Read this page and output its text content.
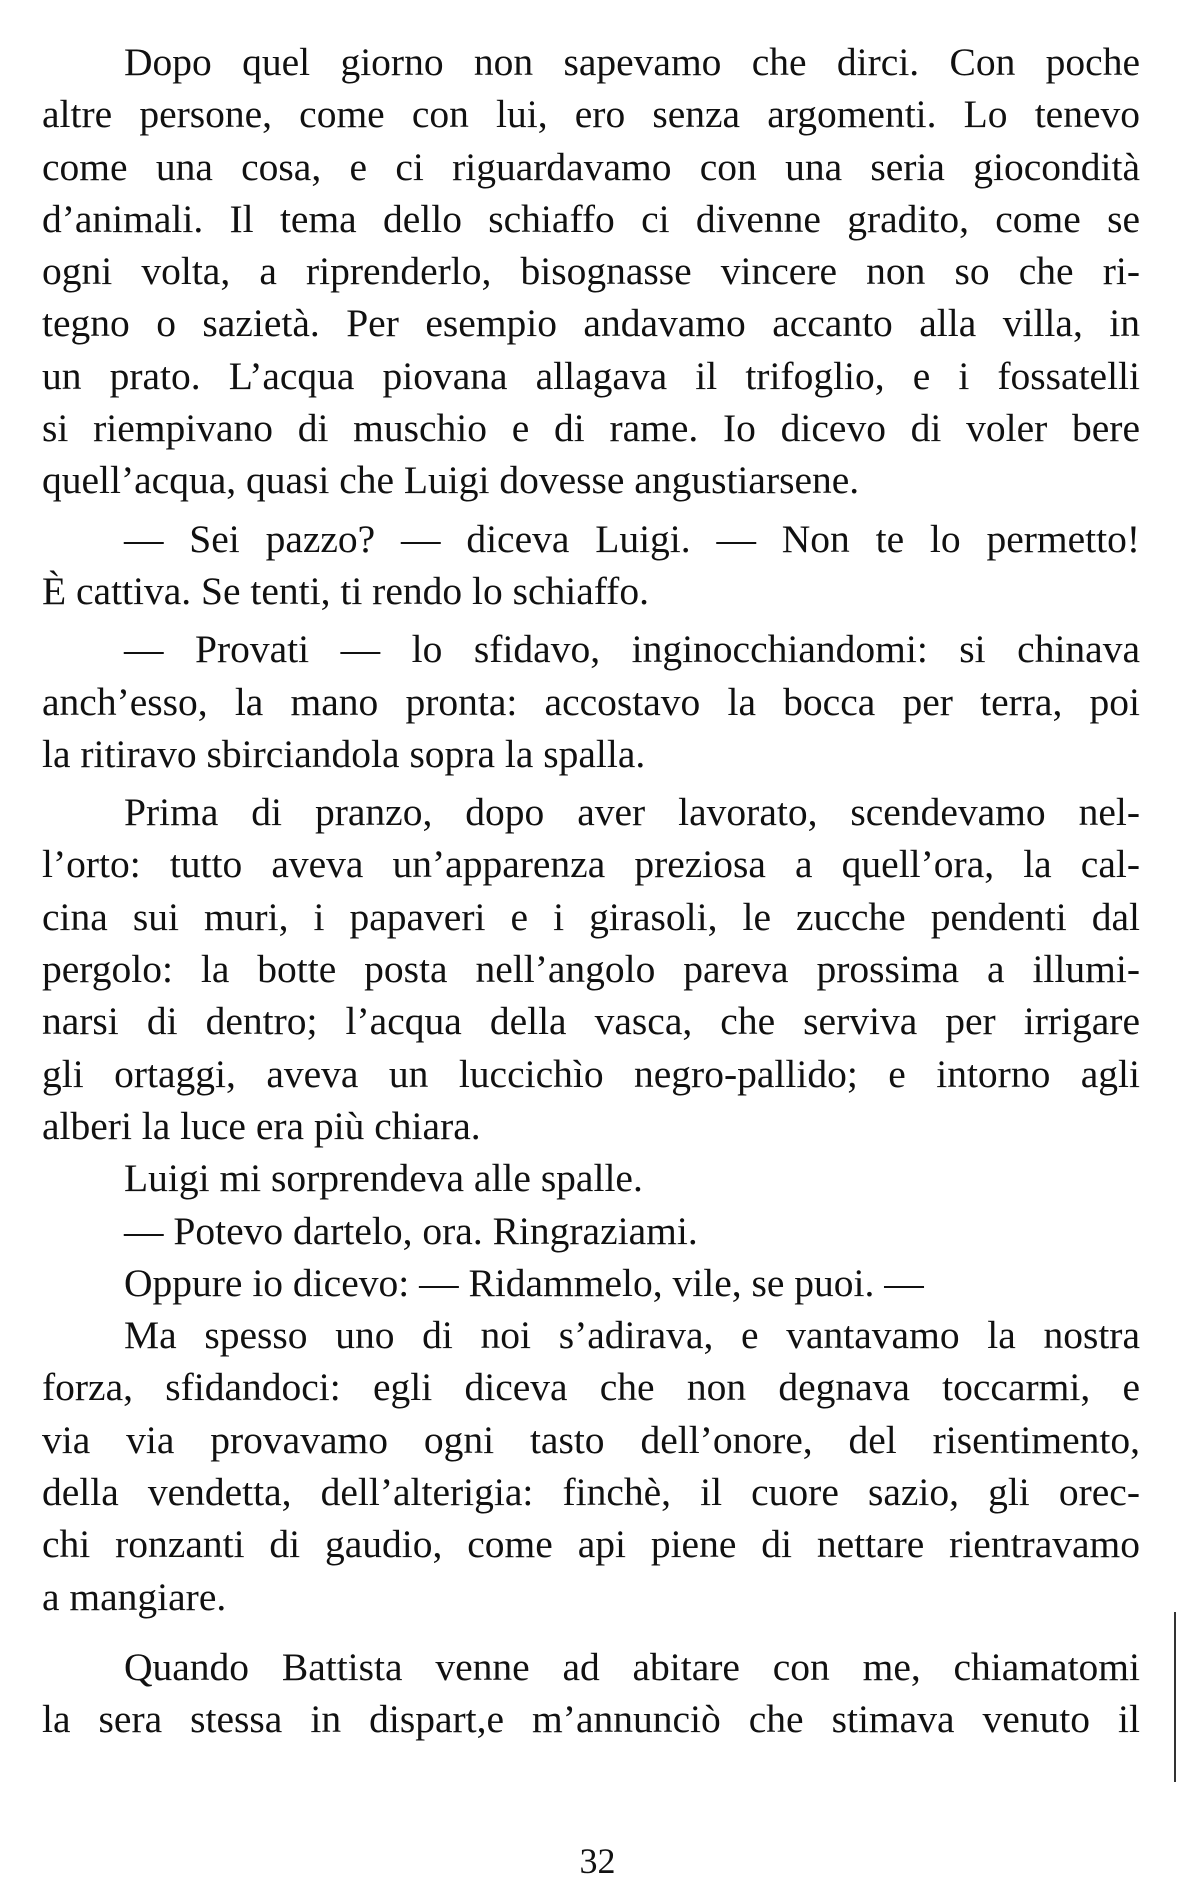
Dopo quel giorno non sapevamo che dirci. Con poche
altre persone, come con lui, ero senza argomenti. Lo tenevo
come una cosa, e ci riguardavamo con una seria giocondità
d’animali. Il tema dello schiaffo ci divenne gradito, come se
ogni volta, a riprenderlo, bisognasse vincere non so che ri-
tegno o sazietà. Per esempio andavamo accanto alla villa, in
un prato. L’acqua piovana allagava il trifoglio, e i fossatelli
si riempivano di muschio e di rame. Io dicevo di voler bere
quell’acqua, quasi che Luigi dovesse angustiarsene.

— Sei pazzo? — diceva Luigi. — Non te lo permetto!
È cattiva. Se tenti, ti rendo lo schiaffo.

— Provati — lo sfidavo, inginocchiandomi: si chinava
anch’esso, la mano pronta: accostavo la bocca per terra, poi
la ritiravo sbirciandola sopra la spalla.

Prima di pranzo, dopo aver lavorato, scendevamo nel-
l’orto: tutto aveva un’apparenza preziosa a quell’ora, la cal-
cina sui muri, i papaveri e i girasoli, le zucche pendenti dal
pergolo: la botte posta nell’angolo pareva prossima a illumi-
narsi di dentro; l’acqua della vasca, che serviva per irrigare
gli ortaggi, aveva un luccichìo negro-pallido; e intorno agli
alberi la luce era più chiara.

Luigi mi sorprendeva alle spalle.

— Potevo dartelo, ora. Ringraziami.

Oppure io dicevo: — Ridammelo, vile, se puoi. —

Ma spesso uno di noi s’adirava, e vantavamo la nostra
forza, sfidandoci: egli diceva che non degnava toccarmi, e
via via provavamo ogni tasto dell’onore, del risentimento,
della vendetta, dell’alterigia: finchè, il cuore sazio, gli orec-
chi ronzanti di gaudio, come api piene di nettare rientravamo
a mangiare.

Quando Battista venne ad abitare con me, chiamatomi
la sera stessa in dispart,e m’annunciò che stimava venuto il

32
